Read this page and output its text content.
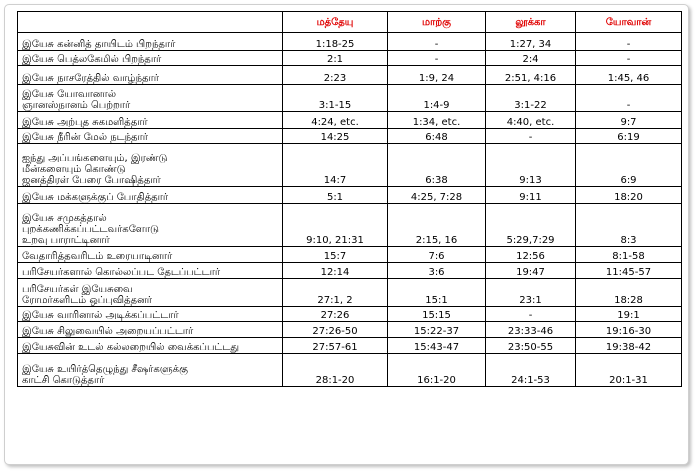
	மத்தேயு	மாற்கு	லூக்கா	யோவான்

இயேசு கன்னித் தாயிடம் பிறந்தார்	1:18-25	-	1:27, 34	-

இயேசு பெத்லகேமில் பிறந்தார்	2:1	-	2:4	-

இயேசு நாசரேத்தில் வாழ்ந்தார்	2:23	1:9, 24	2:51, 4:16	1:45, 46

இயேசு யோவானால்
ஞானஸ்நானம் பெற்றார்	3:1-15	1:4-9	3:1-22	-

இயேசு அற்புத சுகமளித்தார்	4:24, etc.	1:34, etc.	4:40, etc.	9:7

இயேசு நீரின் மேல் நடந்தார்	14:25	6:48	-	6:19

ஐந்து அப்பங்களையும், இரண்டு
மீன்களையும் கொண்டு
ஜனத்திரள் பேரை போஷித்தார்	14:7	6:38	9:13	6:9

இயேசு மக்களுக்குப் போதித்தார்	5:1	4:25, 7:28	9:11	18:20

இயேசு சமுகத்தால்
புறக்கணிக்கப்பட்டவர்களோடு
உறவு பாராட்டினார்	9:10, 21:31	2:15, 16	5:29,7:29	8:3

வேதாரித்தவரிடம் உரையாடினார்	15:7	7:6	12:56	8:1-58

பரிசேயர்களால் கொல்லப்பட தேடப்பட்டார்	12:14	3:6	19:47	11:45-57

பரிசேயர்கள் இயேசுவை
ரோமர்களிடம் ஒப்புவித்தனர்	27:1, 2	15:1	23:1	18:28

இயேசு வாரினால் அடிக்கப்பட்டார்	27:26	15:15	-	19:1

இயேசு சிலுவையில் அறையப்பட்டார்	27:26-50	15:22-37	23:33-46	19:16-30

இயேசுவின் உடல் கல்லறையில் வைக்கப்பட்டது	27:57-61	15:43-47	23:50-55	19:38-42

இயேசு உயிர்த்தெழுந்து சீஷர்களுக்கு
காட்சி கொடுத்தார்	28:1-20	16:1-20	24:1-53	20:1-31
